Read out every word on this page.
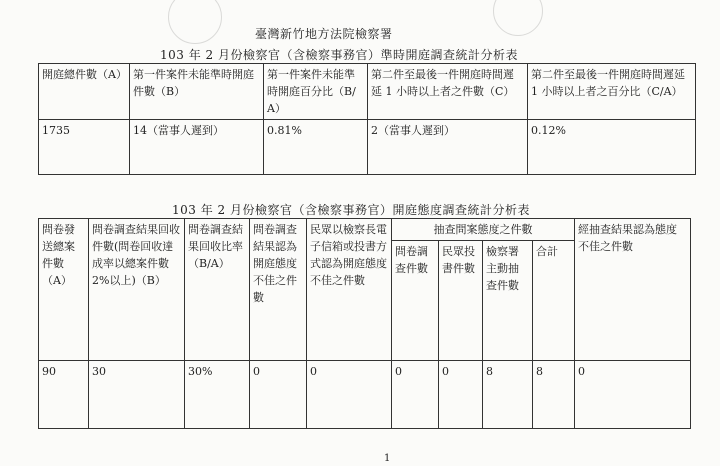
臺灣新竹地方法院檢察署
103 年 2 月份檢察官（含檢察事務官）準時開庭調查統計分析表
開庭總件數（A）	第一件案件未能準時開庭件數（B）	第一件案件未能準時開庭百分比（B/A）	第二件至最後一件開庭時間遲延 1 小時以上者之件數（C）	第二件至最後一件開庭時間遲延 1 小時以上者之百分比（C/A）
1735	14（當事人遲到）	0.81%	2（當事人遲到）	0.12%
103 年 2 月份檢察官（含檢察事務官）開庭態度調查統計分析表
問卷發送總案件數（A）	問卷調查結果回收件數(問卷回收達成率以總案件數 2%以上)（B）	問卷調查結果回收比率（B/A）	問卷調查結果認為開庭態度不佳之件數	民眾以檢察長電子信箱或投書方式認為開庭態度不佳之件數	抽查問案態度之件數				經抽查結果認為態度不佳之件數
					問卷調查件數	民眾投書件數	檢察署主動抽查件數	合計	
90	30	30%	0	0	0	0	8	8	0
1
